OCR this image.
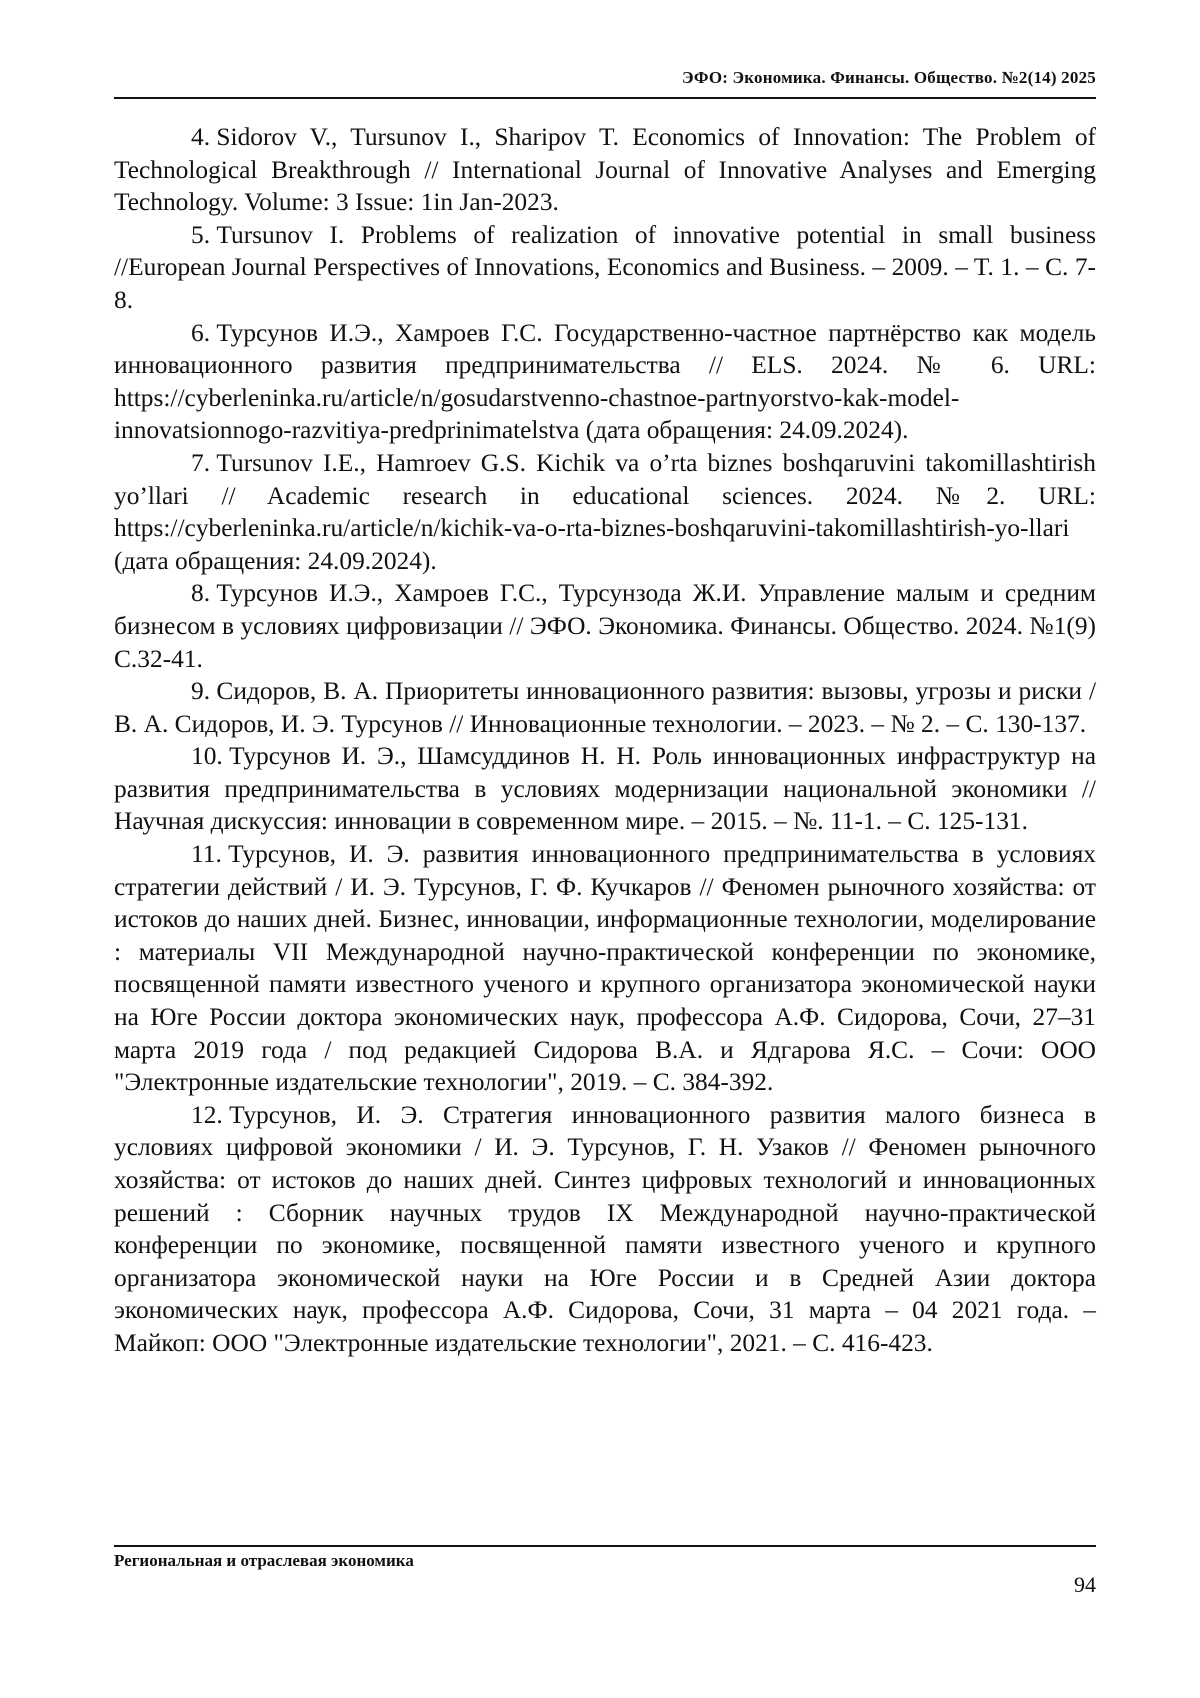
ЭФО: Экономика. Финансы. Общество. №2(14) 2025
4. Sidorov V., Tursunov I., Sharipov T. Economics of Innovation: The Problem of Technological Breakthrough // International Journal of Innovative Analyses and Emerging Technology. Volume: 3 Issue: 1in Jan-2023.
5. Tursunov I. Problems of realization of innovative potential in small business //European Journal Perspectives of Innovations, Economics and Business. – 2009. – T. 1. – C. 7-8.
6. Турсунов И.Э., Хамроев Г.С. Государственно-частное партнёрство как модель инновационного развития предпринимательства // ELS. 2024. № 6. URL: https://cyberleninka.ru/article/n/gosudarstvenno-chastnoe-partnyorstvo-kak-model-innovatsionnogo-razvitiya-predprinimatelstva (дата обращения: 24.09.2024).
7. Tursunov I.E., Hamroev G.S. Kichik va o’rta biznes boshqaruvini takomillashtirish yo’llari // Academic research in educational sciences. 2024. №2. URL: https://cyberleninka.ru/article/n/kichik-va-o-rta-biznes-boshqaruvini-takomillashtirish-yo-llari (дата обращения: 24.09.2024).
8. Турсунов И.Э., Хамроев Г.С., Турсунзода Ж.И. Управление малым и средним бизнесом в условиях цифровизации // ЭФО. Экономика. Финансы. Общество. 2024. №1(9) С.32-41.
9. Сидоров, В. А. Приоритеты инновационного развития: вызовы, угрозы и риски / В. А. Сидоров, И. Э. Турсунов // Инновационные технологии. – 2023. – № 2. – С. 130-137.
10. Турсунов И. Э., Шамсуддинов Н. Н. Роль инновационных инфраструктур на развития предпринимательства в условиях модернизации национальной экономики // Научная дискуссия: инновации в современном мире. – 2015. – №. 11-1. – С. 125-131.
11. Турсунов, И. Э. развития инновационного предпринимательства в условиях стратегии действий / И. Э. Турсунов, Г. Ф. Кучкаров // Феномен рыночного хозяйства: от истоков до наших дней. Бизнес, инновации, информационные технологии, моделирование : материалы VII Международной научно-практической конференции по экономике, посвященной памяти известного ученого и крупного организатора экономической науки на Юге России доктора экономических наук, профессора А.Ф. Сидорова, Сочи, 27–31 марта 2019 года / под редакцией Сидорова В.А. и Ядгарова Я.С. – Сочи: ООО "Электронные издательские технологии", 2019. – С. 384-392.
12. Турсунов, И. Э. Стратегия инновационного развития малого бизнеса в условиях цифровой экономики / И. Э. Турсунов, Г. Н. Узаков // Феномен рыночного хозяйства: от истоков до наших дней. Синтез цифровых технологий и инновационных решений : Сборник научных трудов IX Международной научно-практической конференции по экономике, посвященной памяти известного ученого и крупного организатора экономической науки на Юге России и в Средней Азии доктора экономических наук, профессора А.Ф. Сидорова, Сочи, 31 марта – 04 2021 года. – Майкоп: ООО "Электронные издательские технологии", 2021. – С. 416-423.
Региональная и отраслевая экономика
94
